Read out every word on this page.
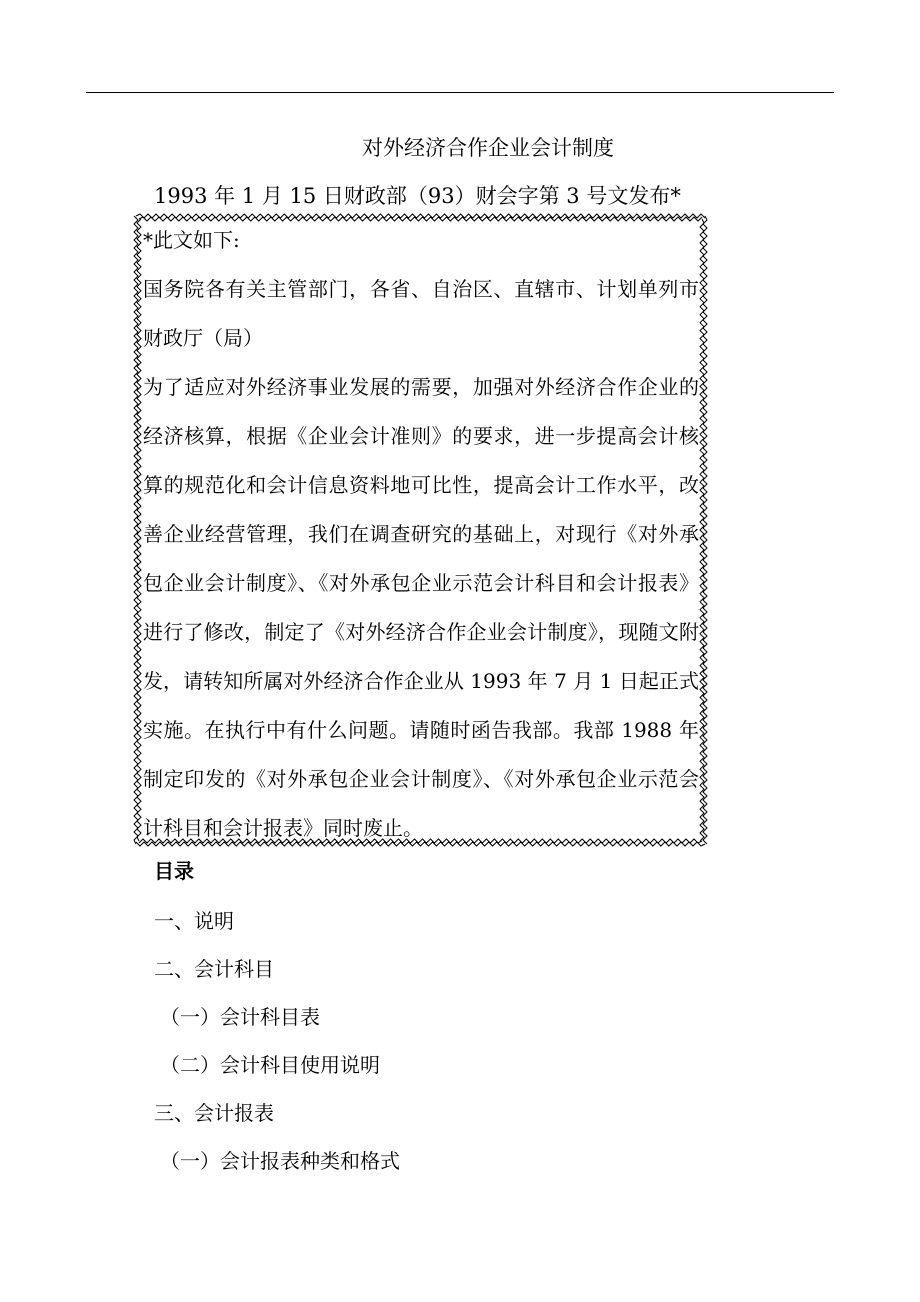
对外经济合作企业会计制度
1993 年 1 月 15 日财政部（93）财会字第 3 号文发布*

*此文如下:

国务院各有关主管部门，各省、自治区、直辖市、计划单列市财政厅（局）

为了适应对外经济事业发展的需要，加强对外经济合作企业的经济核算，根据《企业会计准则》的要求，进一步提高会计核算的规范化和会计信息资料地可比性，提高会计工作水平，改善企业经营管理，我们在调查研究的基础上，对现行《对外承包企业会计制度》、《对外承包企业示范会计科目和会计报表》进行了修改，制定了《对外经济合作企业会计制度》，现随文附发，请转知所属对外经济合作企业从 1993 年 7 月 1 日起正式实施。在执行中有什么问题。请随时函告我部。我部 1988 年制定印发的《对外承包企业会计制度》、《对外承包企业示范会计科目和会计报表》同时废止。

目录
一、说明
二、会计科目
（一）会计科目表
（二）会计科目使用说明
三、会计报表
（一）会计报表种类和格式
